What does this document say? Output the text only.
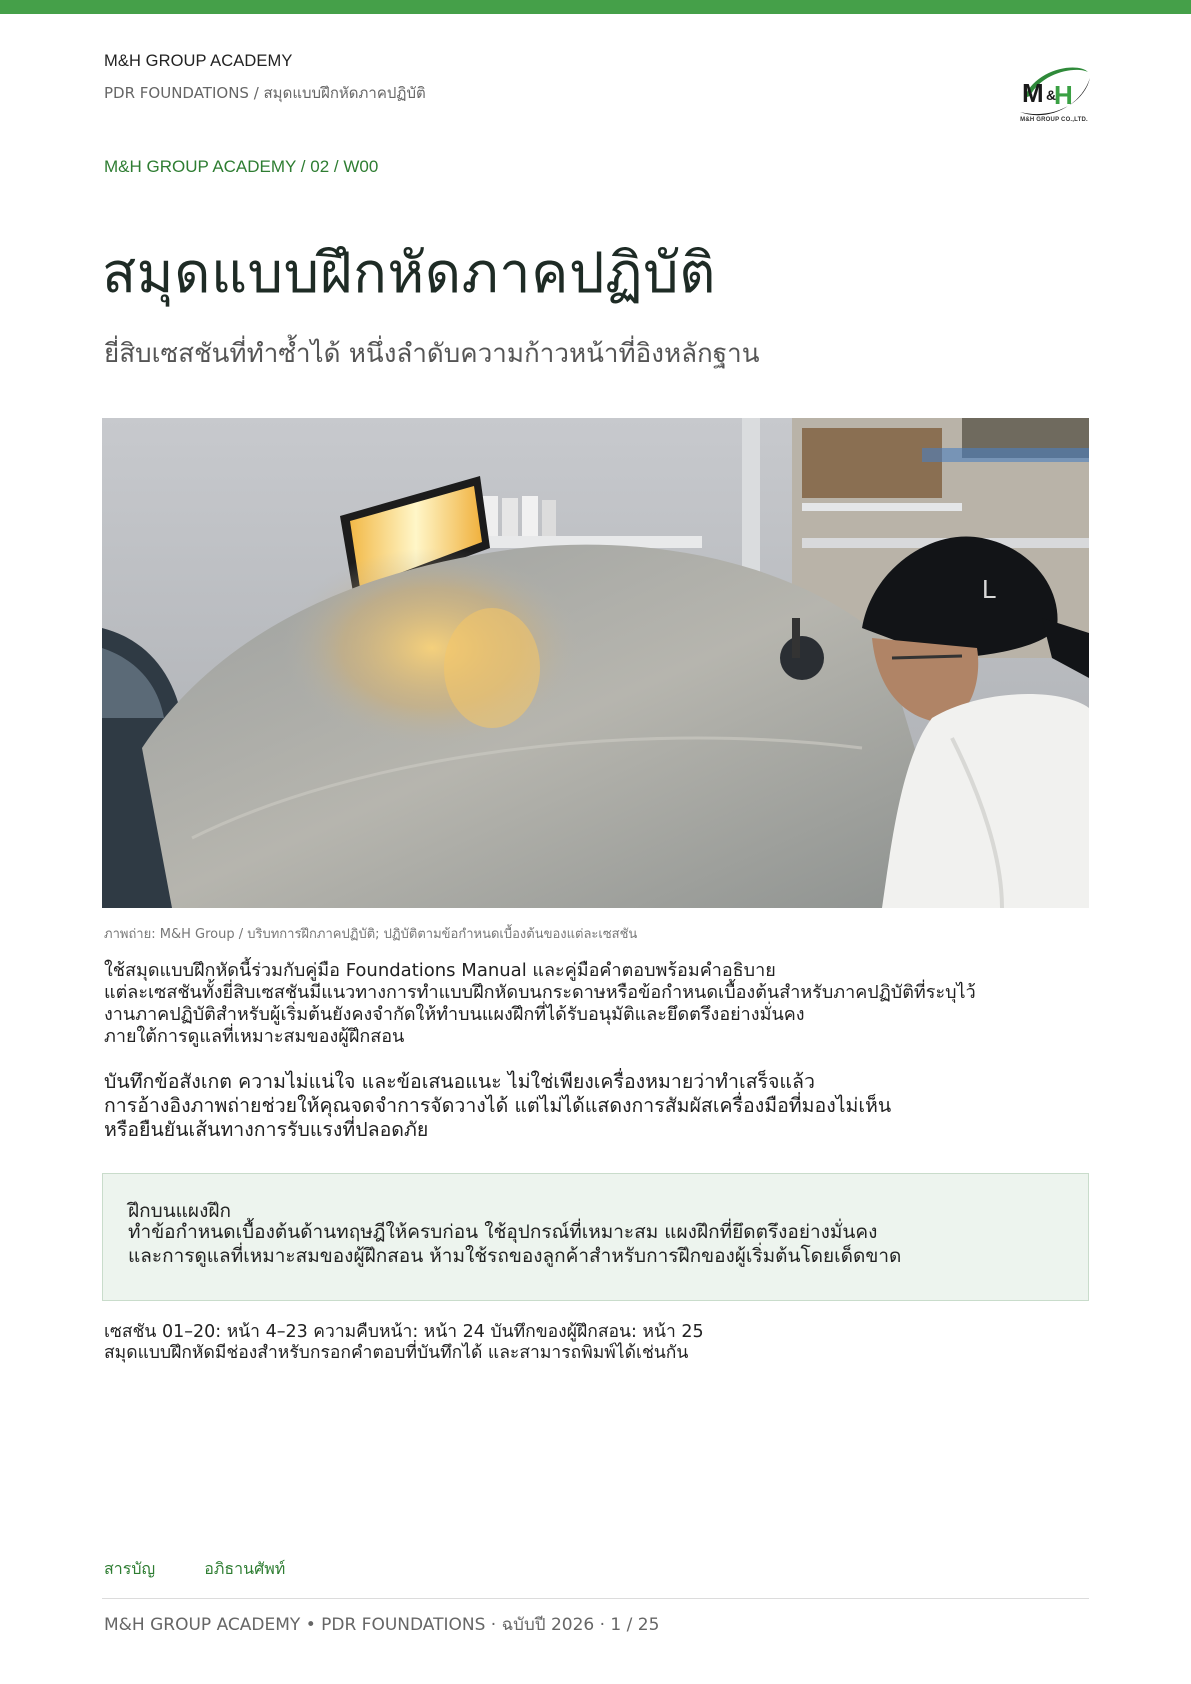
M&H GROUP ACADEMY
PDR FOUNDATIONS / สมุดแบบฝึกหัดภาคปฏิบัติ	M &
H
M&H GROUP CO.,LTD.
M&H GROUP ACADEMY / 02 / W00
สมุดแบบฝึกหัดภาคปฏิบัติ
ยี่สิบเซสชันที่ทำซ้ำได้ หนึ่งลำดับความก้าวหน้าที่อิงหลักฐาน
L
ภาพถ่าย: M&H Group / บริบทการฝึกภาคปฏิบัติ; ปฏิบัติตามข้อกำหนดเบื้องต้นของแต่ละเซสชัน
ใช้สมุดแบบฝึกหัดนี้ร่วมกับคู่มือ Foundations Manual และคู่มือคำตอบพร้อมคำอธิบาย
แต่ละเซสชันทั้งยี่สิบเซสชันมีแนวทางการทำแบบฝึกหัดบนกระดาษหรือข้อกำหนดเบื้องต้นสำหรับภาคปฏิบัติที่ระบุไว้
งานภาคปฏิบัติสำหรับผู้เริ่มต้นยังคงจำกัดให้ทำบนแผงฝึกที่ได้รับอนุมัติและยึดตรึงอย่างมั่นคง
ภายใต้การดูแลที่เหมาะสมของผู้ฝึกสอน
บันทึกข้อสังเกต ความไม่แน่ใจ และข้อเสนอแนะ ไม่ใช่เพียงเครื่องหมายว่าทำเสร็จแล้ว
การอ้างอิงภาพถ่ายช่วยให้คุณจดจำการจัดวางได้ แต่ไม่ได้แสดงการสัมผัสเครื่องมือที่มองไม่เห็น
หรือยืนยันเส้นทางการรับแรงที่ปลอดภัย
ฝึกบนแผงฝึก
ทำข้อกำหนดเบื้องต้นด้านทฤษฎีให้ครบก่อน ใช้อุปกรณ์ที่เหมาะสม แผงฝึกที่ยึดตรึงอย่างมั่นคง
และการดูแลที่เหมาะสมของผู้ฝึกสอน ห้ามใช้รถของลูกค้าสำหรับการฝึกของผู้เริ่มต้นโดยเด็ดขาด
เซสชัน 01–20: หน้า 4–23 ความคืบหน้า: หน้า 24 บันทึกของผู้ฝึกสอน: หน้า 25
สมุดแบบฝึกหัดมีช่องสำหรับกรอกคำตอบที่บันทึกได้ และสามารถพิมพ์ได้เช่นกัน
สารบัญ	อภิธานศัพท์
M&H GROUP ACADEMY • PDR FOUNDATIONS · ฉบับปี 2026 · 1 / 25
